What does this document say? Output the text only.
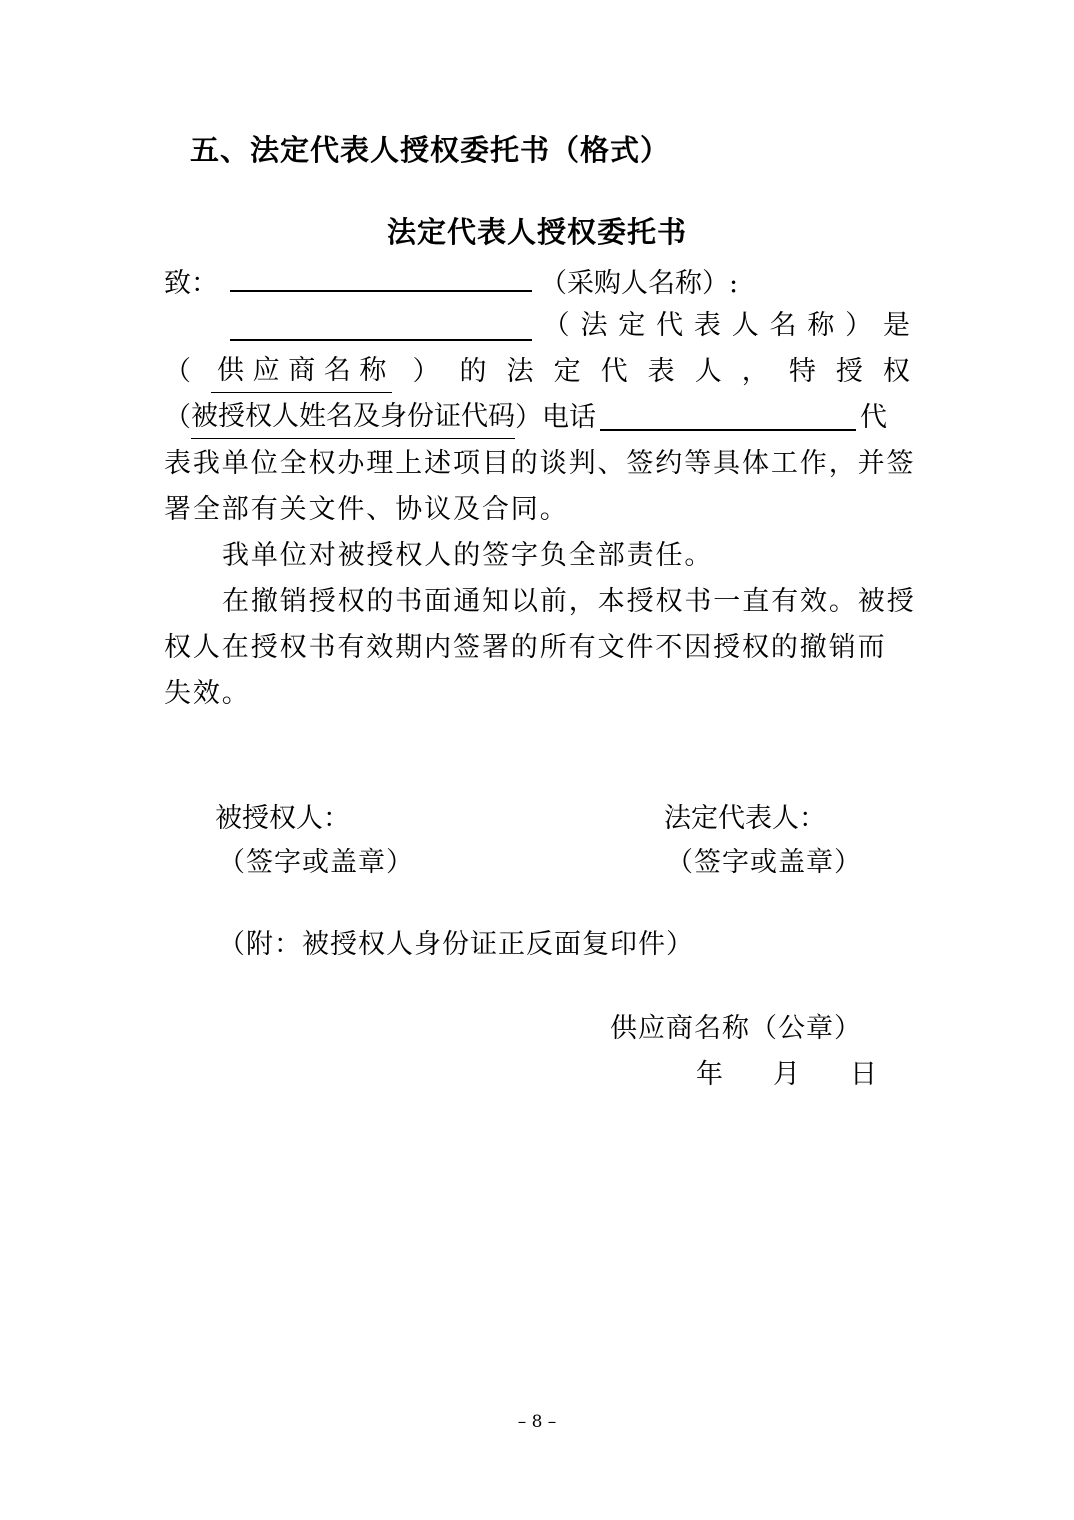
五、法定代表人授权委托书（格式）
法定代表人授权委托书
致：	（采购人名称）:
（ 法 定 代 表 人 名 称 ） 是
（ 供 应 商 名 称 ） 的 法 定 代 表 人 ， 特 授 权
（ 被授权人姓名及身份证代码 ）电话	代
表我单位全权办理上述项目的谈判、签约等具体工作，并签
署全部有关文件、协议及合同。
我单位对被授权人的签字负全部责任。
在撤销授权的书面通知以前，本授权书一直有效。被授
权人在授权书有效期内签署的所有文件不因授权的撤销而
失效。
被授权人：
（签字或盖章）
法定代表人：
（签字或盖章）
（附：被授权人身份证正反面复印件）
供应商名称（公章）
年 月 日
– 8 –
